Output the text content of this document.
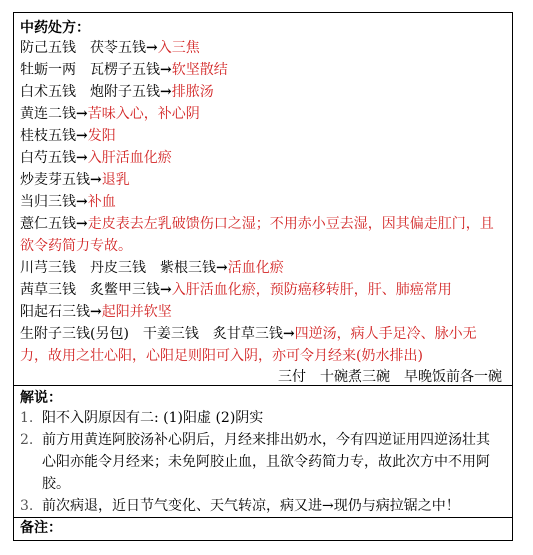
中药处方：
防己五钱　茯苓五钱→入三焦
牡蛎一两　瓦楞子五钱→软坚散结
白术五钱　炮附子五钱→排脓汤
黄连二钱→苦味入心，补心阴
桂枝五钱→发阳
白芍五钱→入肝活血化瘀
炒麦芽五钱→退乳
当归三钱→补血
薏仁五钱→走皮表去左乳破馈伤口之湿；不用赤小豆去湿，因其偏走肛门，且欲令药简力专故。
川芎三钱　丹皮三钱　紫根三钱→活血化瘀
茜草三钱　炙鳖甲三钱→入肝活血化瘀，预防癌移转肝，肝、肺癌常用
阳起石三钱→起阳并软坚
生附子三钱(另包)　干姜三钱　炙甘草三钱→四逆汤，病人手足冷、脉小无力，故用之壮心阳，心阳足则阳可入阴，亦可令月经来(奶水排出)
三付　十碗煮三碗　早晚饭前各一碗
解说：
1. 阳不入阴原因有二: (1)阳虚 (2)阴实
2. 前方用黄连阿胶汤补心阴后，月经来排出奶水，今有四逆证用四逆汤壮其心阳亦能令月经来；未免阿胶止血，且欲令药简力专，故此次方中不用阿胶。
3. 前次病退，近日节气变化、天气转凉，病又进→现仍与病拉锯之中！
备注：
